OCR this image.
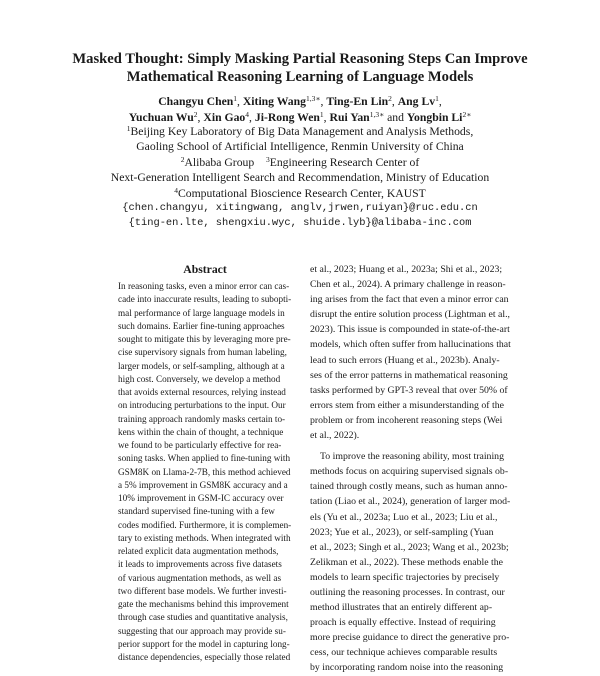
Masked Thought: Simply Masking Partial Reasoning Steps Can Improve
Mathematical Reasoning Learning of Language Models
Changyu Chen$^1$, Xiting Wang$^{1,3∗}$, Ting-En Lin$^2$, Ang Lv$^1$,
Yuchuan Wu$^2$, Xin Gao$^4$, Ji-Rong Wen$^1$, Rui Yan$^{1,3∗}$ and Yongbin $Li^{2∗}$
$^1$Beijing Key Laboratory of Big Data Management and Analysis Methods,
Gaoling School of Artificial Intelligence, Renmin University of China
$^2$Alibaba Group $^3$Engineering Research Center of
Next-Generation Intelligent Search and Recommendation, Ministry of Education
$^4$Computational Bioscience Research Center, KAUST
{chen.changyu, xitingwang, anglv,jrwen,ruiyan}@ruc.edu.cn
{ting-en.lte, shengxiu.wyc, shuide.lyb}@alibaba-inc.com
Abstract
In reasoning tasks, even a minor error can cas-
cade into inaccurate results, leading to subopti-
mal performance of large language models in
such domains. Earlier fine-tuning approaches
sought to mitigate this by leveraging more pre-
cise supervisory signals from human labeling,
larger models, or self-sampling, although at a
high cost. Conversely, we develop a method
that avoids external resources, relying instead
on introducing perturbations to the input. Our
training approach randomly masks certain to-
kens within the chain of thought, a technique
we found to be particularly effective for rea-
soning tasks. When applied to fine-tuning with
GSM8K on Llama-2-7B, this method achieved
a 5% improvement in GSM8K accuracy and a
10% improvement in GSM-IC accuracy over
standard supervised fine-tuning with a few
codes modified. Furthermore, it is complemen-
tary to existing methods. When integrated with
related explicit data augmentation methods,
it leads to improvements across five datasets
of various augmentation methods, as well as
two different base models. We further investi-
gate the mechanisms behind this improvement
through case studies and quantitative analysis,
suggesting that our approach may provide su-
perior support for the model in capturing long-
distance dependencies, especially those related
et al., 2023; Huang et al., 2023a; Shi et al., 2023;
Chen et al., 2024). A primary challenge in reason-
ing arises from the fact that even a minor error can
disrupt the entire solution process (Lightman et al.,
2023). This issue is compounded in state-of-the-art
models, which often suffer from hallucinations that
lead to such errors (Huang et al., 2023b). Analy-
ses of the error patterns in mathematical reasoning
tasks performed by GPT-3 reveal that over 50% of
errors stem from either a misunderstanding of the
problem or from incoherent reasoning steps (Wei
et al., 2022).
To improve the reasoning ability, most training
methods focus on acquiring supervised signals ob-
tained through costly means, such as human anno-
tation (Liao et al., 2024), generation of larger mod-
els (Yu et al., 2023a; Luo et al., 2023; Liu et al.,
2023; Yue et al., 2023), or self-sampling (Yuan
et al., 2023; Singh et al., 2023; Wang et al., 2023b;
Zelikman et al., 2022). These methods enable the
models to learn specific trajectories by precisely
outlining the reasoning processes. In contrast, our
method illustrates that an entirely different ap-
proach is equally effective. Instead of requiring
more precise guidance to direct the generative pro-
cess, our technique achieves comparable results
by incorporating random noise into the reasoning
